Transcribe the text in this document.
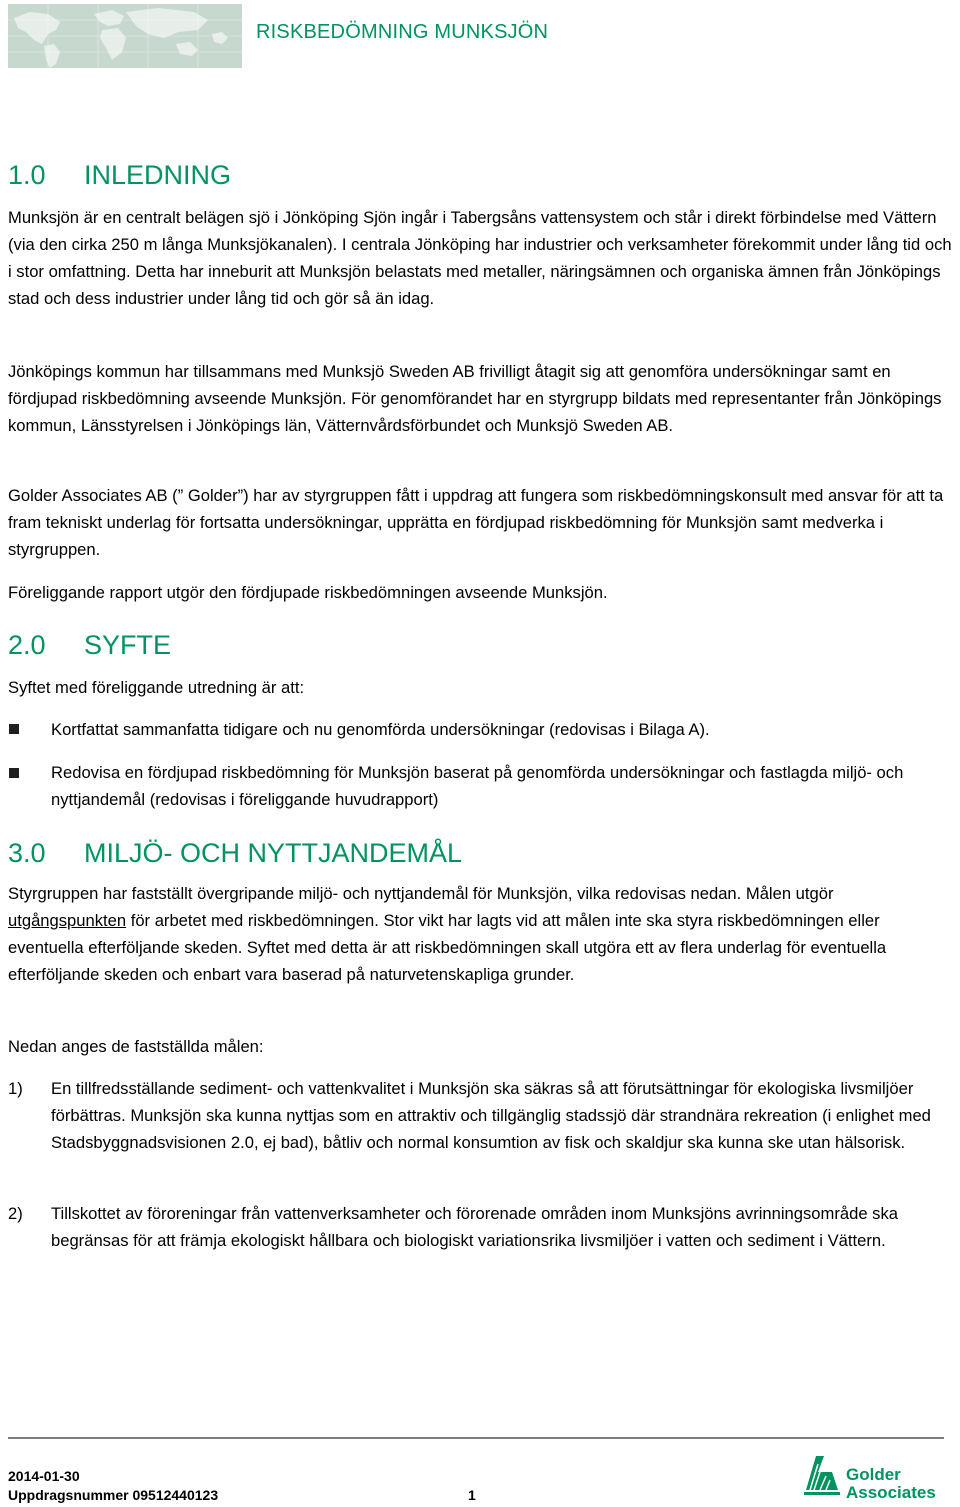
RISKBEDÖMNING MUNKSJÖN
1.0 INLEDNING
Munksjön är en centralt belägen sjö i Jönköping Sjön ingår i Tabergsåns vattensystem och står i direkt förbindelse med Vättern (via den cirka 250 m långa Munksjökanalen). I centrala Jönköping har industrier och verksamheter förekommit under lång tid och i stor omfattning. Detta har inneburit att Munksjön belastats med metaller, näringsämnen och organiska ämnen från Jönköpings stad och dess industrier under lång tid och gör så än idag.
Jönköpings kommun har tillsammans med Munksjö Sweden AB frivilligt åtagit sig att genomföra undersökningar samt en fördjupad riskbedömning avseende Munksjön. För genomförandet har en styrgrupp bildats med representanter från Jönköpings kommun, Länsstyrelsen i Jönköpings län, Vätternvårdsförbundet och Munksjö Sweden AB.
Golder Associates AB (” Golder”) har av styrgruppen fått i uppdrag att fungera som riskbedömningskonsult med ansvar för att ta fram tekniskt underlag för fortsatta undersökningar, upprätta en fördjupad riskbedömning för Munksjön samt medverka i styrgruppen.
Föreliggande rapport utgör den fördjupade riskbedömningen avseende Munksjön.
2.0 SYFTE
Syftet med föreliggande utredning är att:
Kortfattat sammanfatta tidigare och nu genomförda undersökningar (redovisas i Bilaga A).
Redovisa en fördjupad riskbedömning för Munksjön baserat på genomförda undersökningar och fastlagda miljö- och nyttjandemål (redovisas i föreliggande huvudrapport)
3.0 MILJÖ- OCH NYTTJANDEMÅL
Styrgruppen har fastställt övergripande miljö- och nyttjandemål för Munksjön, vilka redovisas nedan. Målen utgör utgångspunkten för arbetet med riskbedömningen. Stor vikt har lagts vid att målen inte ska styra riskbedömningen eller eventuella efterföljande skeden. Syftet med detta är att riskbedömningen skall utgöra ett av flera underlag för eventuella efterföljande skeden och enbart vara baserad på naturvetenskapliga grunder.
Nedan anges de fastställda målen:
1) En tillfredsställande sediment- och vattenkvalitet i Munksjön ska säkras så att förutsättningar för ekologiska livsmiljöer förbättras. Munksjön ska kunna nyttjas som en attraktiv och tillgänglig stadssjö där strandnära rekreation (i enlighet med Stadsbyggnadsvisionen 2.0, ej bad), båtliv och normal konsumtion av fisk och skaldjur ska kunna ske utan hälsorisk.
2) Tillskottet av föroreningar från vattenverksamheter och förorenade områden inom Munksjöns avrinningsområde ska begränsas för att främja ekologiskt hållbara och biologiskt variationsrika livsmiljöer i vatten och sediment i Vättern.
2014-01-30
Uppdragsnummer 09512440123	1
Golder
Associates
